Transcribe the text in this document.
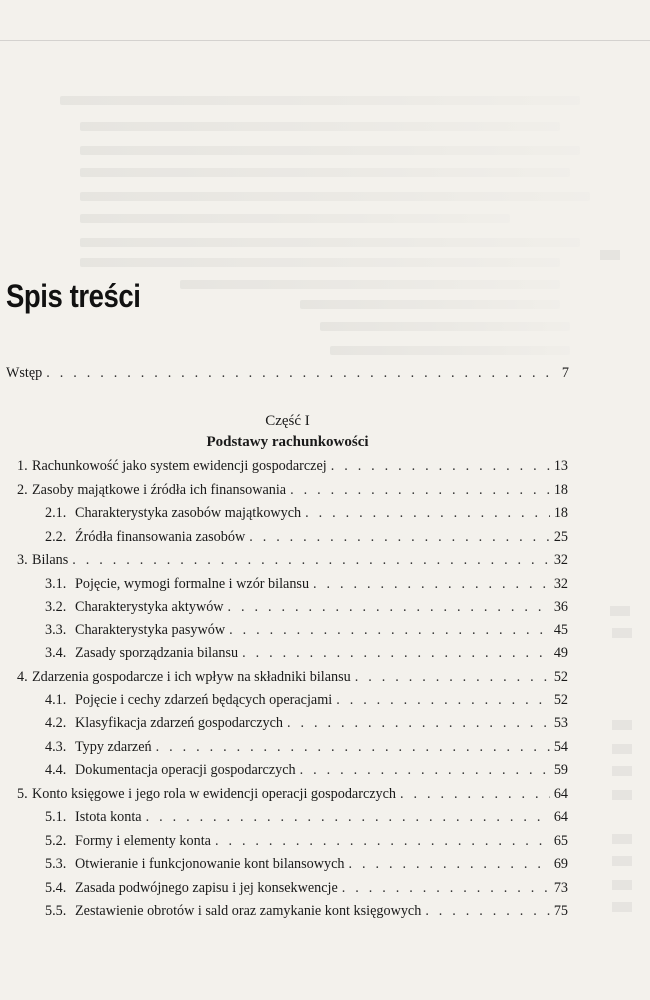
Spis treści
Wstęp . . .	7
Część I
Podstawy rachunkowości
1. Rachunkowość jako system ewidencji gospodarczej . . .	13
2. Zasoby majątkowe i źródła ich finansowania . . .	18
2.1. Charakterystyka zasobów majątkowych . . .	18
2.2. Źródła finansowania zasobów . . .	25
3. Bilans . . .	32
3.1. Pojęcie, wymogi formalne i wzór bilansu . . .	32
3.2. Charakterystyka aktywów . . .	36
3.3. Charakterystyka pasywów . . .	45
3.4. Zasady sporządzania bilansu . . .	49
4. Zdarzenia gospodarcze i ich wpływ na składniki bilansu . . .	52
4.1. Pojęcie i cechy zdarzeń będących operacjami . . .	52
4.2. Klasyfikacja zdarzeń gospodarczych . . .	53
4.3. Typy zdarzeń . . .	54
4.4. Dokumentacja operacji gospodarczych . . .	59
5. Konto księgowe i jego rola w ewidencji operacji gospodarczych . . .	64
5.1. Istota konta . . .	64
5.2. Formy i elementy konta . . .	65
5.3. Otwieranie i funkcjonowanie kont bilansowych . . .	69
5.4. Zasada podwójnego zapisu i jej konsekwencje . . .	73
5.5. Zestawienie obrotów i sald oraz zamykanie kont księgowych . . .	75
